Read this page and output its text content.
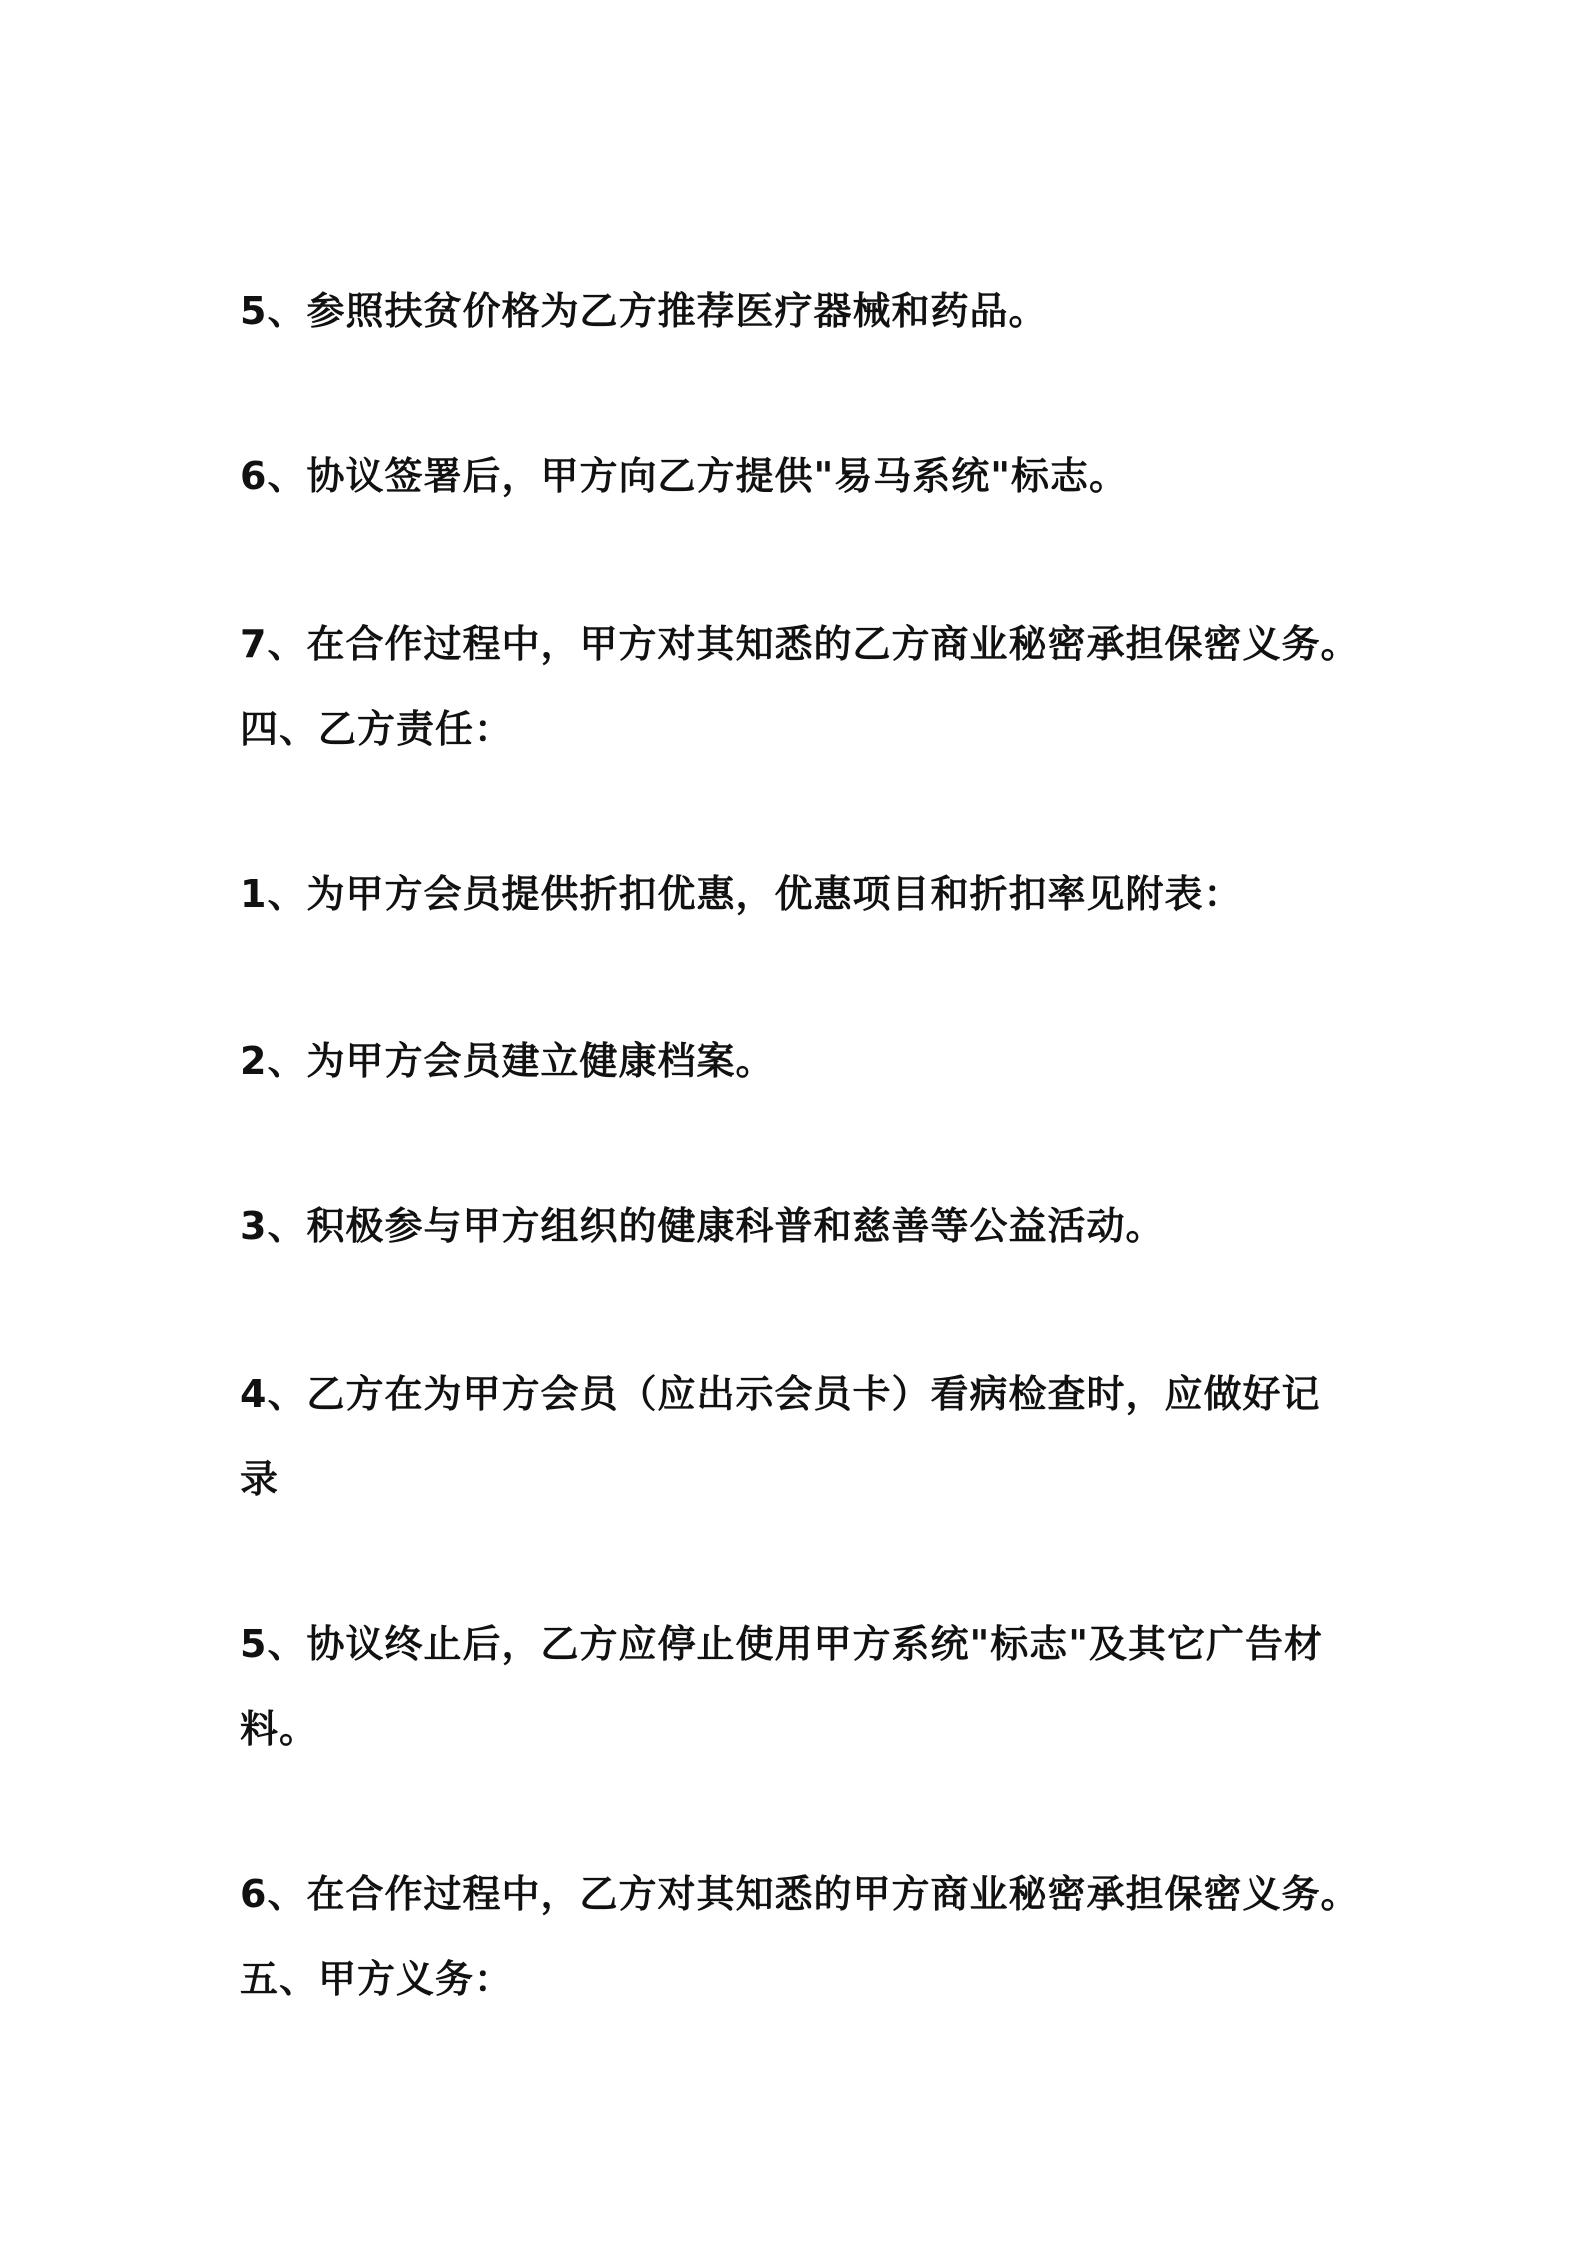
5、参照扶贫价格为乙方推荐医疗器械和药品。
6、协议签署后，甲方向乙方提供"易马系统"标志。
7、在合作过程中，甲方对其知悉的乙方商业秘密承担保密义务。
四、乙方责任：
1、为甲方会员提供折扣优惠，优惠项目和折扣率见附表：
2、为甲方会员建立健康档案。
3、积极参与甲方组织的健康科普和慈善等公益活动。
4、乙方在为甲方会员（应出示会员卡）看病检查时，应做好记
录
5、协议终止后，乙方应停止使用甲方系统"标志"及其它广告材
料。
6、在合作过程中，乙方对其知悉的甲方商业秘密承担保密义务。
五、甲方义务：
